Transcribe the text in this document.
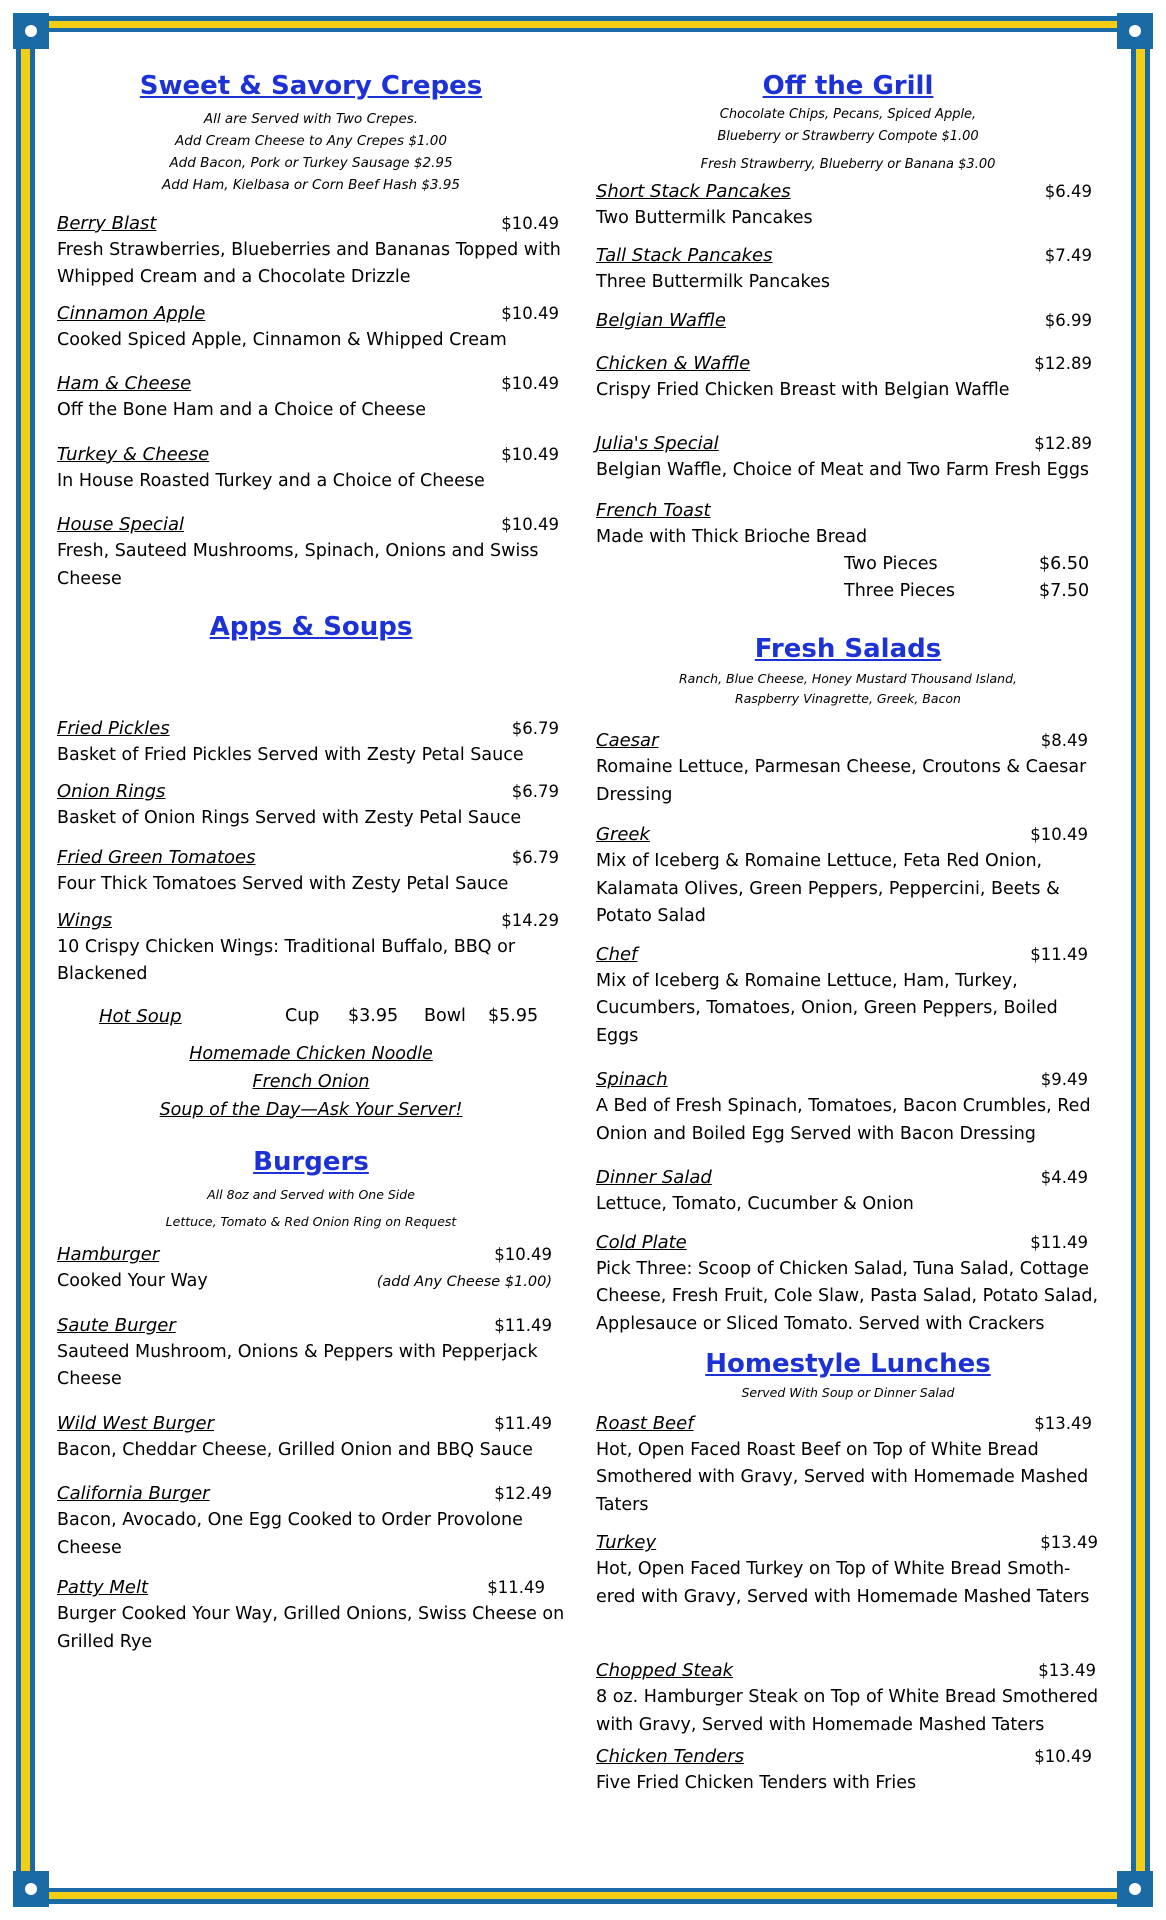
Sweet & Savory Crepes
All are Served with Two Crepes.
Add Cream Cheese to Any Crepes $1.00
Add Bacon, Pork or Turkey Sausage $2.95
Add Ham, Kielbasa or Corn Beef Hash $3.95
Berry Blast	$10.49
Fresh Strawberries, Blueberries and Bananas Topped with Whipped Cream and a Chocolate Drizzle
Cinnamon Apple	$10.49
Cooked Spiced Apple, Cinnamon & Whipped Cream
Ham & Cheese	$10.49
Off the Bone Ham and a Choice of Cheese
Turkey & Cheese	$10.49
In House Roasted Turkey and a Choice of Cheese
House Special	$10.49
Fresh, Sauteed Mushrooms, Spinach, Onions and Swiss Cheese
Apps & Soups
Fried Pickles	$6.79
Basket of Fried Pickles Served with Zesty Petal Sauce
Onion Rings	$6.79
Basket of Onion Rings Served with Zesty Petal Sauce
Fried Green Tomatoes	$6.79
Four Thick Tomatoes Served with Zesty Petal Sauce
Wings	$14.29
10 Crispy Chicken Wings: Traditional Buffalo, BBQ or Blackened
Hot Soup	Cup	$3.95	Bowl	$5.95
Homemade Chicken Noodle
French Onion
Soup of the Day—Ask Your Server!
Burgers
All 8oz and Served with One Side
Lettuce, Tomato & Red Onion Ring on Request
Hamburger	$10.49
Cooked Your Way	(add Any Cheese $1.00)
Saute Burger	$11.49
Sauteed Mushroom, Onions & Peppers with Pepperjack Cheese
Wild West Burger	$11.49
Bacon, Cheddar Cheese, Grilled Onion and BBQ Sauce
California Burger	$12.49
Bacon, Avocado, One Egg Cooked to Order Provolone Cheese
Patty Melt	$11.49
Burger Cooked Your Way, Grilled Onions, Swiss Cheese on Grilled Rye
Off the Grill
Chocolate Chips, Pecans, Spiced Apple,
Blueberry or Strawberry Compote $1.00
Fresh Strawberry, Blueberry or Banana $3.00
Short Stack Pancakes	$6.49
Two Buttermilk Pancakes
Tall Stack Pancakes	$7.49
Three Buttermilk Pancakes
Belgian Waffle	$6.99
Chicken & Waffle	$12.89
Crispy Fried Chicken Breast with Belgian Waffle
Julia's Special	$12.89
Belgian Waffle, Choice of Meat and Two Farm Fresh Eggs
French Toast
Made with Thick Brioche Bread
Two Pieces	$6.50
Three Pieces	$7.50
Fresh Salads
Ranch, Blue Cheese, Honey Mustard Thousand Island,
Raspberry Vinagrette, Greek, Bacon
Caesar	$8.49
Romaine Lettuce, Parmesan Cheese, Croutons & Caesar Dressing
Greek	$10.49
Mix of Iceberg & Romaine Lettuce, Feta Red Onion, Kalamata Olives, Green Peppers, Peppercini, Beets & Potato Salad
Chef	$11.49
Mix of Iceberg & Romaine Lettuce, Ham, Turkey, Cucumbers, Tomatoes, Onion, Green Peppers, Boiled Eggs
Spinach	$9.49
A Bed of Fresh Spinach, Tomatoes, Bacon Crumbles, Red Onion and Boiled Egg Served with Bacon Dressing
Dinner Salad	$4.49
Lettuce, Tomato, Cucumber & Onion
Cold Plate	$11.49
Pick Three: Scoop of Chicken Salad, Tuna Salad, Cottage Cheese, Fresh Fruit, Cole Slaw, Pasta Salad, Potato Salad, Applesauce or Sliced Tomato. Served with Crackers
Homestyle Lunches
Served With Soup or Dinner Salad
Roast Beef	$13.49
Hot, Open Faced Roast Beef on Top of White Bread Smothered with Gravy, Served with Homemade Mashed Taters
Turkey	$13.49
Hot, Open Faced Turkey on Top of White Bread Smoth-ered with Gravy, Served with Homemade Mashed Taters
Chopped Steak	$13.49
8 oz. Hamburger Steak on Top of White Bread Smothered with Gravy, Served with Homemade Mashed Taters
Chicken Tenders	$10.49
Five Fried Chicken Tenders with Fries
